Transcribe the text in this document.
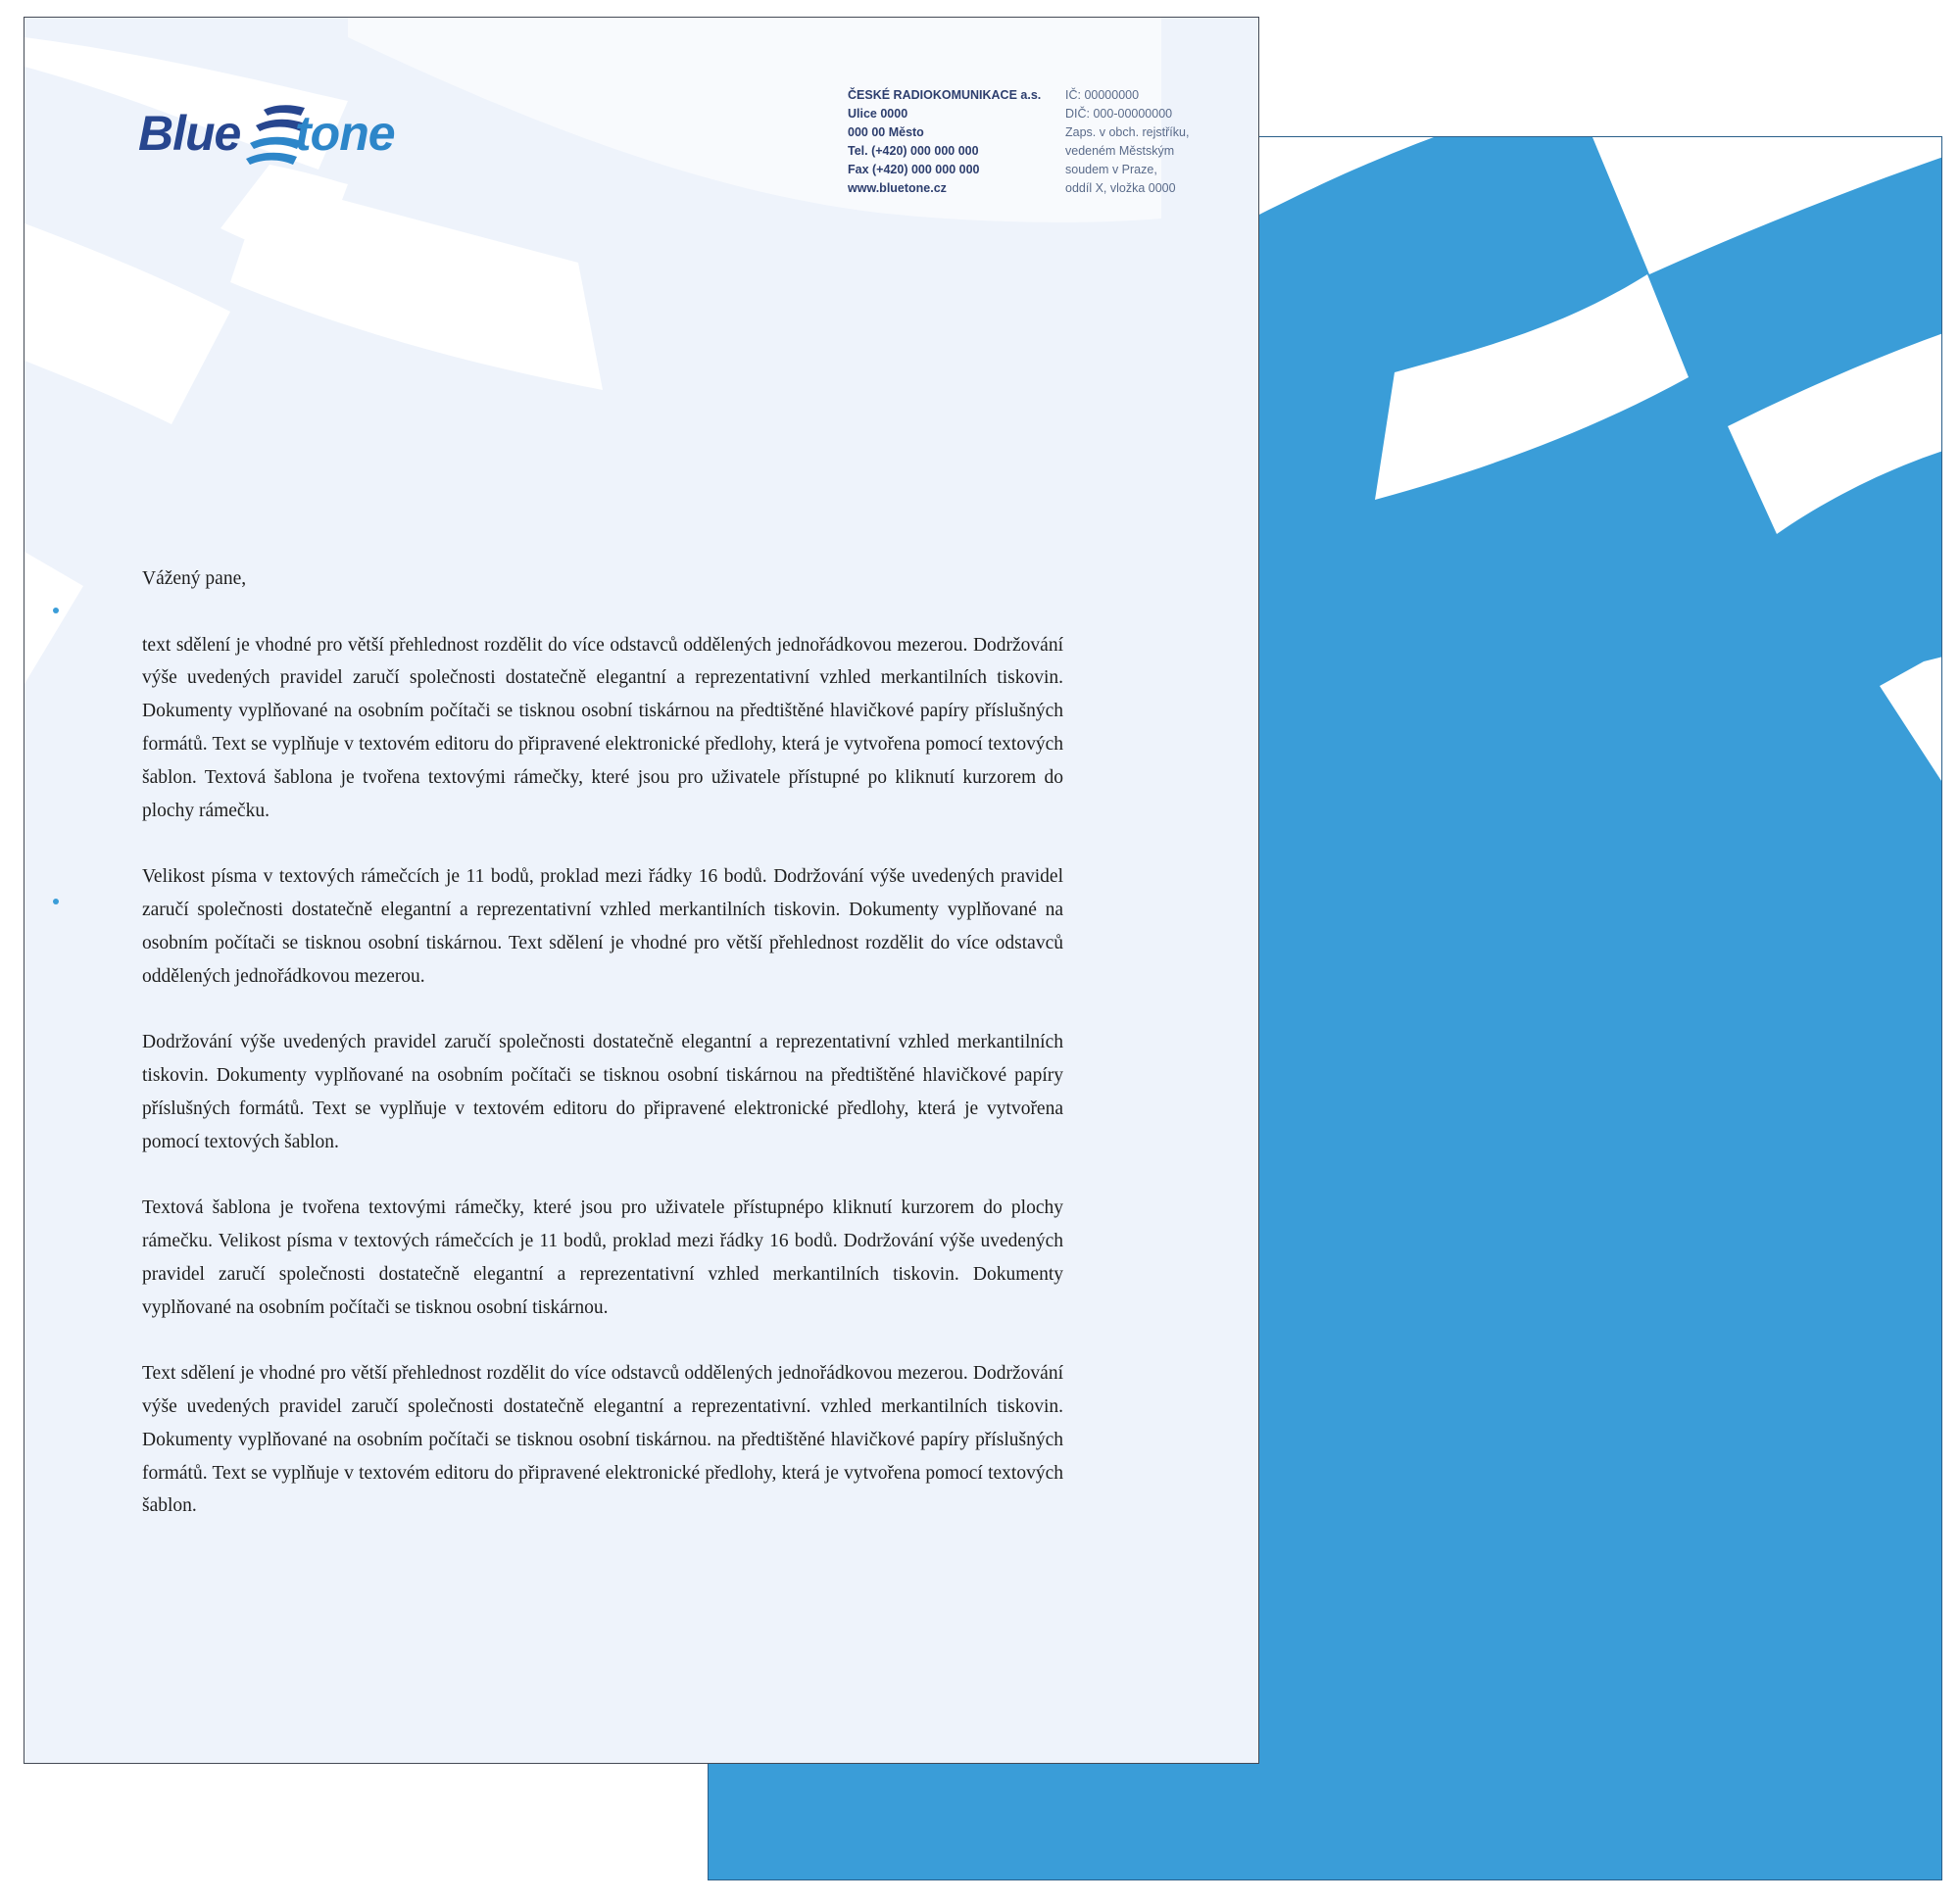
Blue tone
ČESKÉ RADIOKOMUNIKACE a.s.
Ulice 0000
000 00 Město
Tel. (+420) 000 000 000
Fax (+420) 000 000 000
www.bluetone.cz
IČ: 00000000
DIČ: 000-00000000
Zaps. v obch. rejstříku,
vedeném Městským
soudem v Praze,
oddíl X, vložka 0000

Vážený pane,

text sdělení je vhodné pro větší přehlednost rozdělit do více odstavců oddělených jednořádkovou mezerou. Dodržování výše uvedených pravidel zaručí společnosti dostatečně elegantní a reprezentativní vzhled merkantilních tiskovin. Dokumenty vyplňované na osobním počítači se tisknou osobní tiskárnou na předtištěné hlavičkové papíry příslušných formátů. Text se vyplňuje v textovém editoru do připravené elektronické předlohy, která je vytvořena pomocí textových šablon. Textová šablona je tvořena textovými rámečky, které jsou pro uživatele přístupné po kliknutí kurzorem do plochy rámečku.

Velikost písma v textových rámečcích je 11 bodů, proklad mezi řádky 16 bodů. Dodržování výše uvedených pravidel zaručí společnosti dostatečně elegantní a reprezentativní vzhled merkantilních tiskovin. Dokumenty vyplňované na osobním počítači se tisknou osobní tiskárnou. Text sdělení je vhodné pro větší přehlednost rozdělit do více odstavců oddělených jednořádkovou mezerou.

Dodržování výše uvedených pravidel zaručí společnosti dostatečně elegantní a reprezentativní vzhled merkantilních tiskovin. Dokumenty vyplňované na osobním počítači se tisknou osobní tiskárnou na předtištěné hlavičkové papíry příslušných formátů. Text se vyplňuje v textovém editoru do připravené elektronické předlohy, která je vytvořena pomocí textových šablon.

Textová šablona je tvořena textovými rámečky, které jsou pro uživatele přístupnépo kliknutí kurzorem do plochy rámečku. Velikost písma v textových rámečcích je 11 bodů, proklad mezi řádky 16 bodů. Dodržování výše uvedených pravidel zaručí společnosti dostatečně elegantní a reprezentativní vzhled merkantilních tiskovin. Dokumenty vyplňované na osobním počítači se tisknou osobní tiskárnou.

Text sdělení je vhodné pro větší přehlednost rozdělit do více odstavců oddělených jednořádkovou mezerou. Dodržování výše uvedených pravidel zaručí společnosti dostatečně elegantní a reprezentativní. vzhled merkantilních tiskovin. Dokumenty vyplňované na osobním počítači se tisknou osobní tiskárnou. na předtištěné hlavičkové papíry příslušných formátů. Text se vyplňuje v textovém editoru do připravené elektronické předlohy, která je vytvořena pomocí textových šablon.
